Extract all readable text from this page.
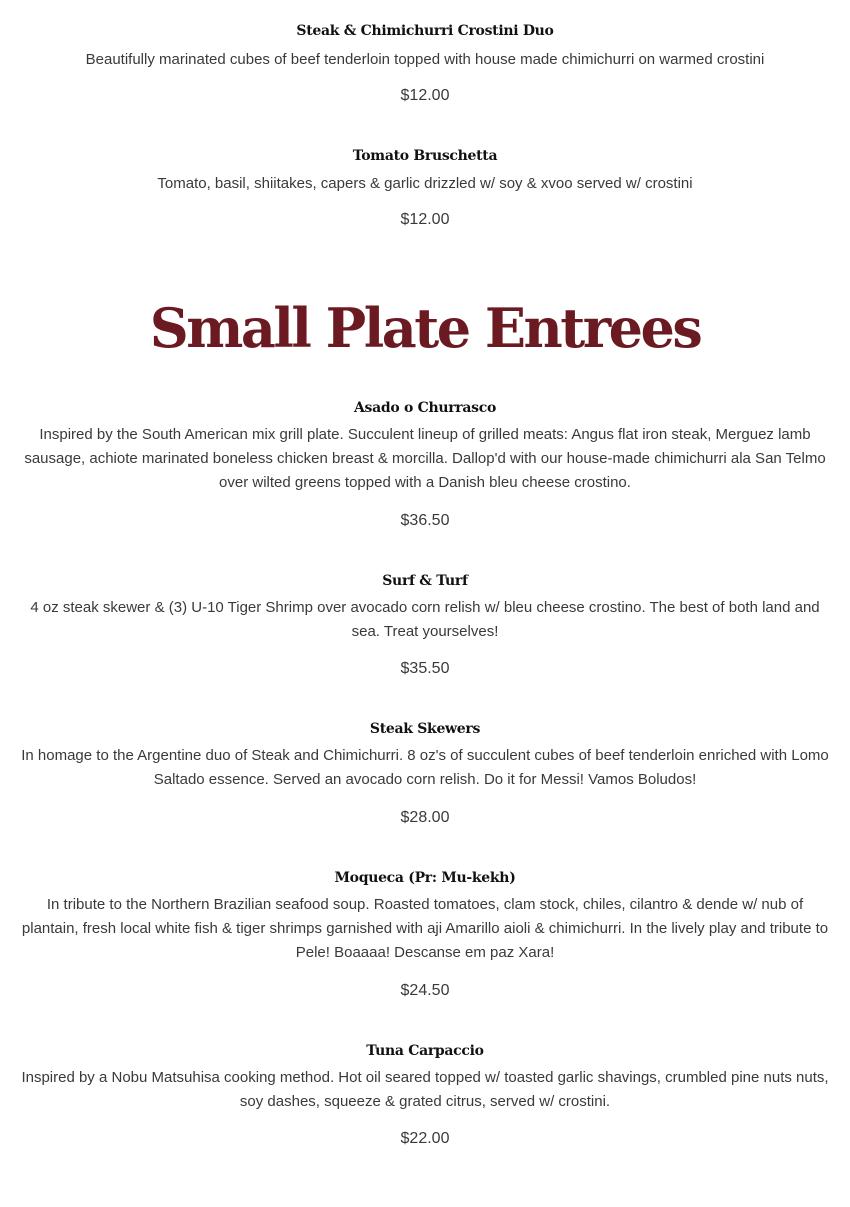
Steak & Chimichurri Crostini Duo

Beautifully marinated cubes of beef tenderloin topped with house made chimichurri on warmed crostini

$12.00

Tomato Bruschetta

Tomato, basil, shiitakes, capers & garlic drizzled w/ soy & xvoo served w/ crostini

$12.00

Small Plate Entrees
Asado o Churrasco

Inspired by the South American mix grill plate. Succulent lineup of grilled meats: Angus flat iron steak, Merguez lamb sausage, achiote marinated boneless chicken breast & morcilla. Dallop'd with our house-made chimichurri ala San Telmo over wilted greens topped with a Danish bleu cheese crostino.

$36.50

Surf & Turf

4 oz steak skewer & (3) U-10 Tiger Shrimp over avocado corn relish w/ bleu cheese crostino. The best of both land and sea. Treat yourselves!

$35.50

Steak Skewers

In homage to the Argentine duo of Steak and Chimichurri. 8 oz's of succulent cubes of beef tenderloin enriched with Lomo Saltado essence. Served an avocado corn relish. Do it for Messi! Vamos Boludos!

$28.00

Moqueca (Pr: Mu-kekh)

In tribute to the Northern Brazilian seafood soup. Roasted tomatoes, clam stock, chiles, cilantro & dende w/ nub of plantain, fresh local white fish & tiger shrimps garnished with aji Amarillo aioli & chimichurri. In the lively play and tribute to Pele! Boaaaa! Descanse em paz Xara!

$24.50

Tuna Carpaccio

Inspired by a Nobu Matsuhisa cooking method. Hot oil seared topped w/ toasted garlic shavings, crumbled pine nuts nuts, soy dashes, squeeze & grated citrus, served w/ crostini.

$22.00
